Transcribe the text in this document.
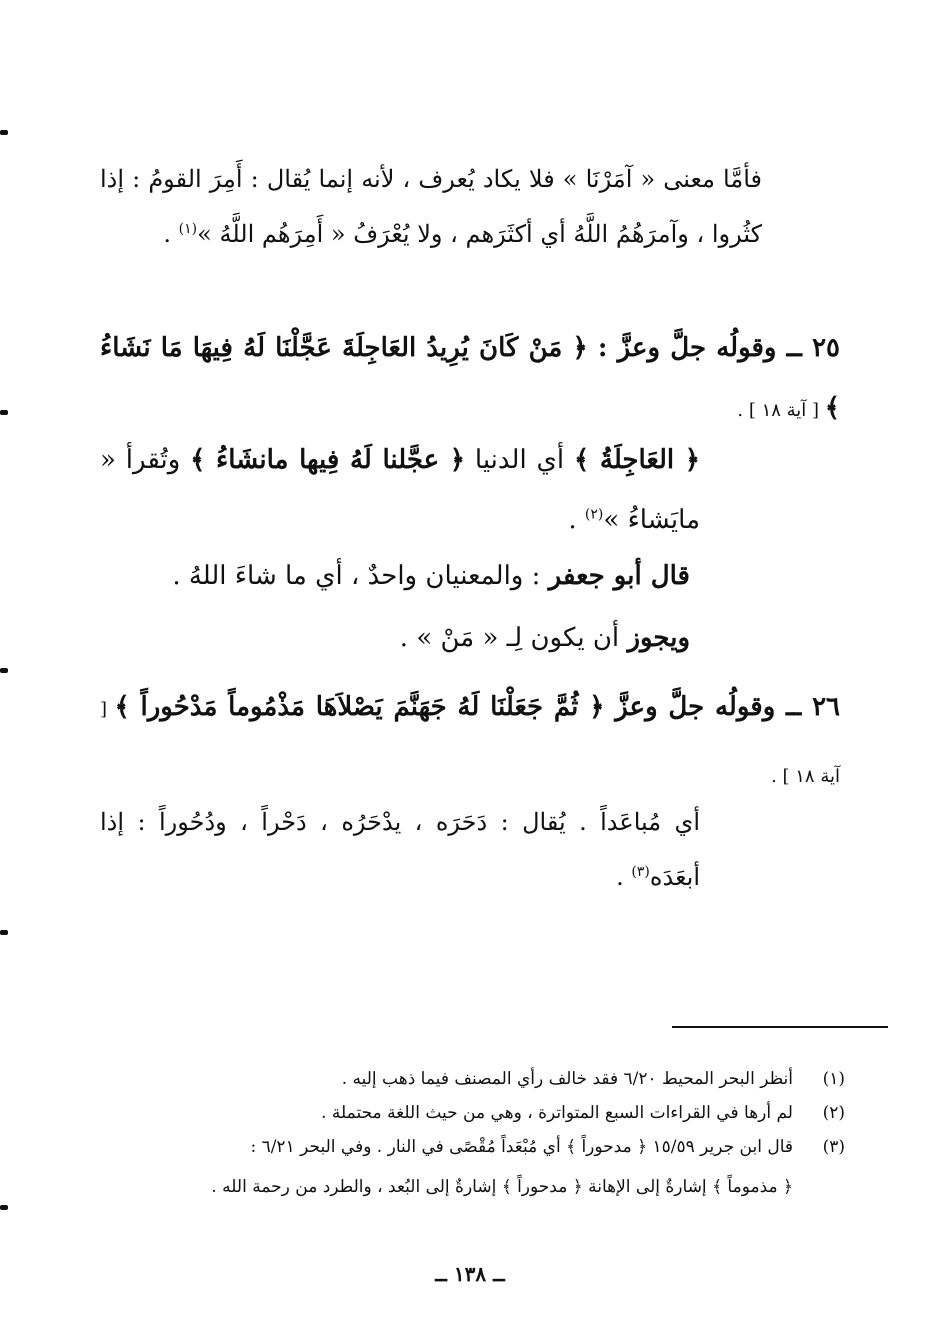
فأمَّا معنى « آمَرْنَا » فلا يكاد يُعرف ، لأنه إنما يُقال : أَمِرَ القومُ : إذا كثُروا ، وآمرَهُمُ اللَّهُ أي أكثَرَهم ، ولا يُعْرَفُ « أَمِرَهُم اللَّهُ »$^{(١)}$ .

٢٥ ــ وقولُه جلَّ وعزَّ : ﴿ مَنْ كَانَ يُرِيدُ العَاجِلَةَ عَجَّلْنَا لَهُ فِيهَا مَا نَشَاءُ ﴾ [ آية ١٨ ] .

﴿ العَاجِلَةُ ﴾ أي الدنيا ﴿ عجَّلنا لَهُ فِيها مانشَاءُ ﴾ وتُقرأ « مايَشاءُ »$^{(٢)}$ .

قال أبو جعفر : والمعنيان واحدٌ ، أي ما شاءَ اللهُ .

ويجوز أن يكون لِـ « مَنْ » .

٢٦ ــ وقولُه جلَّ وعزَّ ﴿ ثُمَّ جَعَلْنَا لَهُ جَهَنَّمَ يَصْلاَهَا مَذْمُوماً مَدْحُوراً ﴾ [ آية ١٨ ] .

أي مُباعَداً . يُقال : دَحَرَه ، يدْحَرُه ، دَحْراً ، ودُحُوراً : إذا أبعَدَه$^{(٣)}$ .

(١)أنظر البحر المحيط ٦/٢٠ فقد خالف رأي المصنف فيما ذهب إليه .
(٢)لم أرها في القراءات السبع المتواترة ، وهي من حيث اللغة محتملة .
(٣)قال ابن جرير ١٥/٥٩ ﴿ مدحوراً ﴾ أي مُبْعَداً مُقْصًى في النار . وفي البحر ٦/٢١ :
﴿ مذموماً ﴾ إشارةٌ إلى الإهانة ﴿ مدحوراً ﴾ إشارةٌ إلى البُعد ، والطرد من رحمة الله .
ــ ١٣٨ ــ
